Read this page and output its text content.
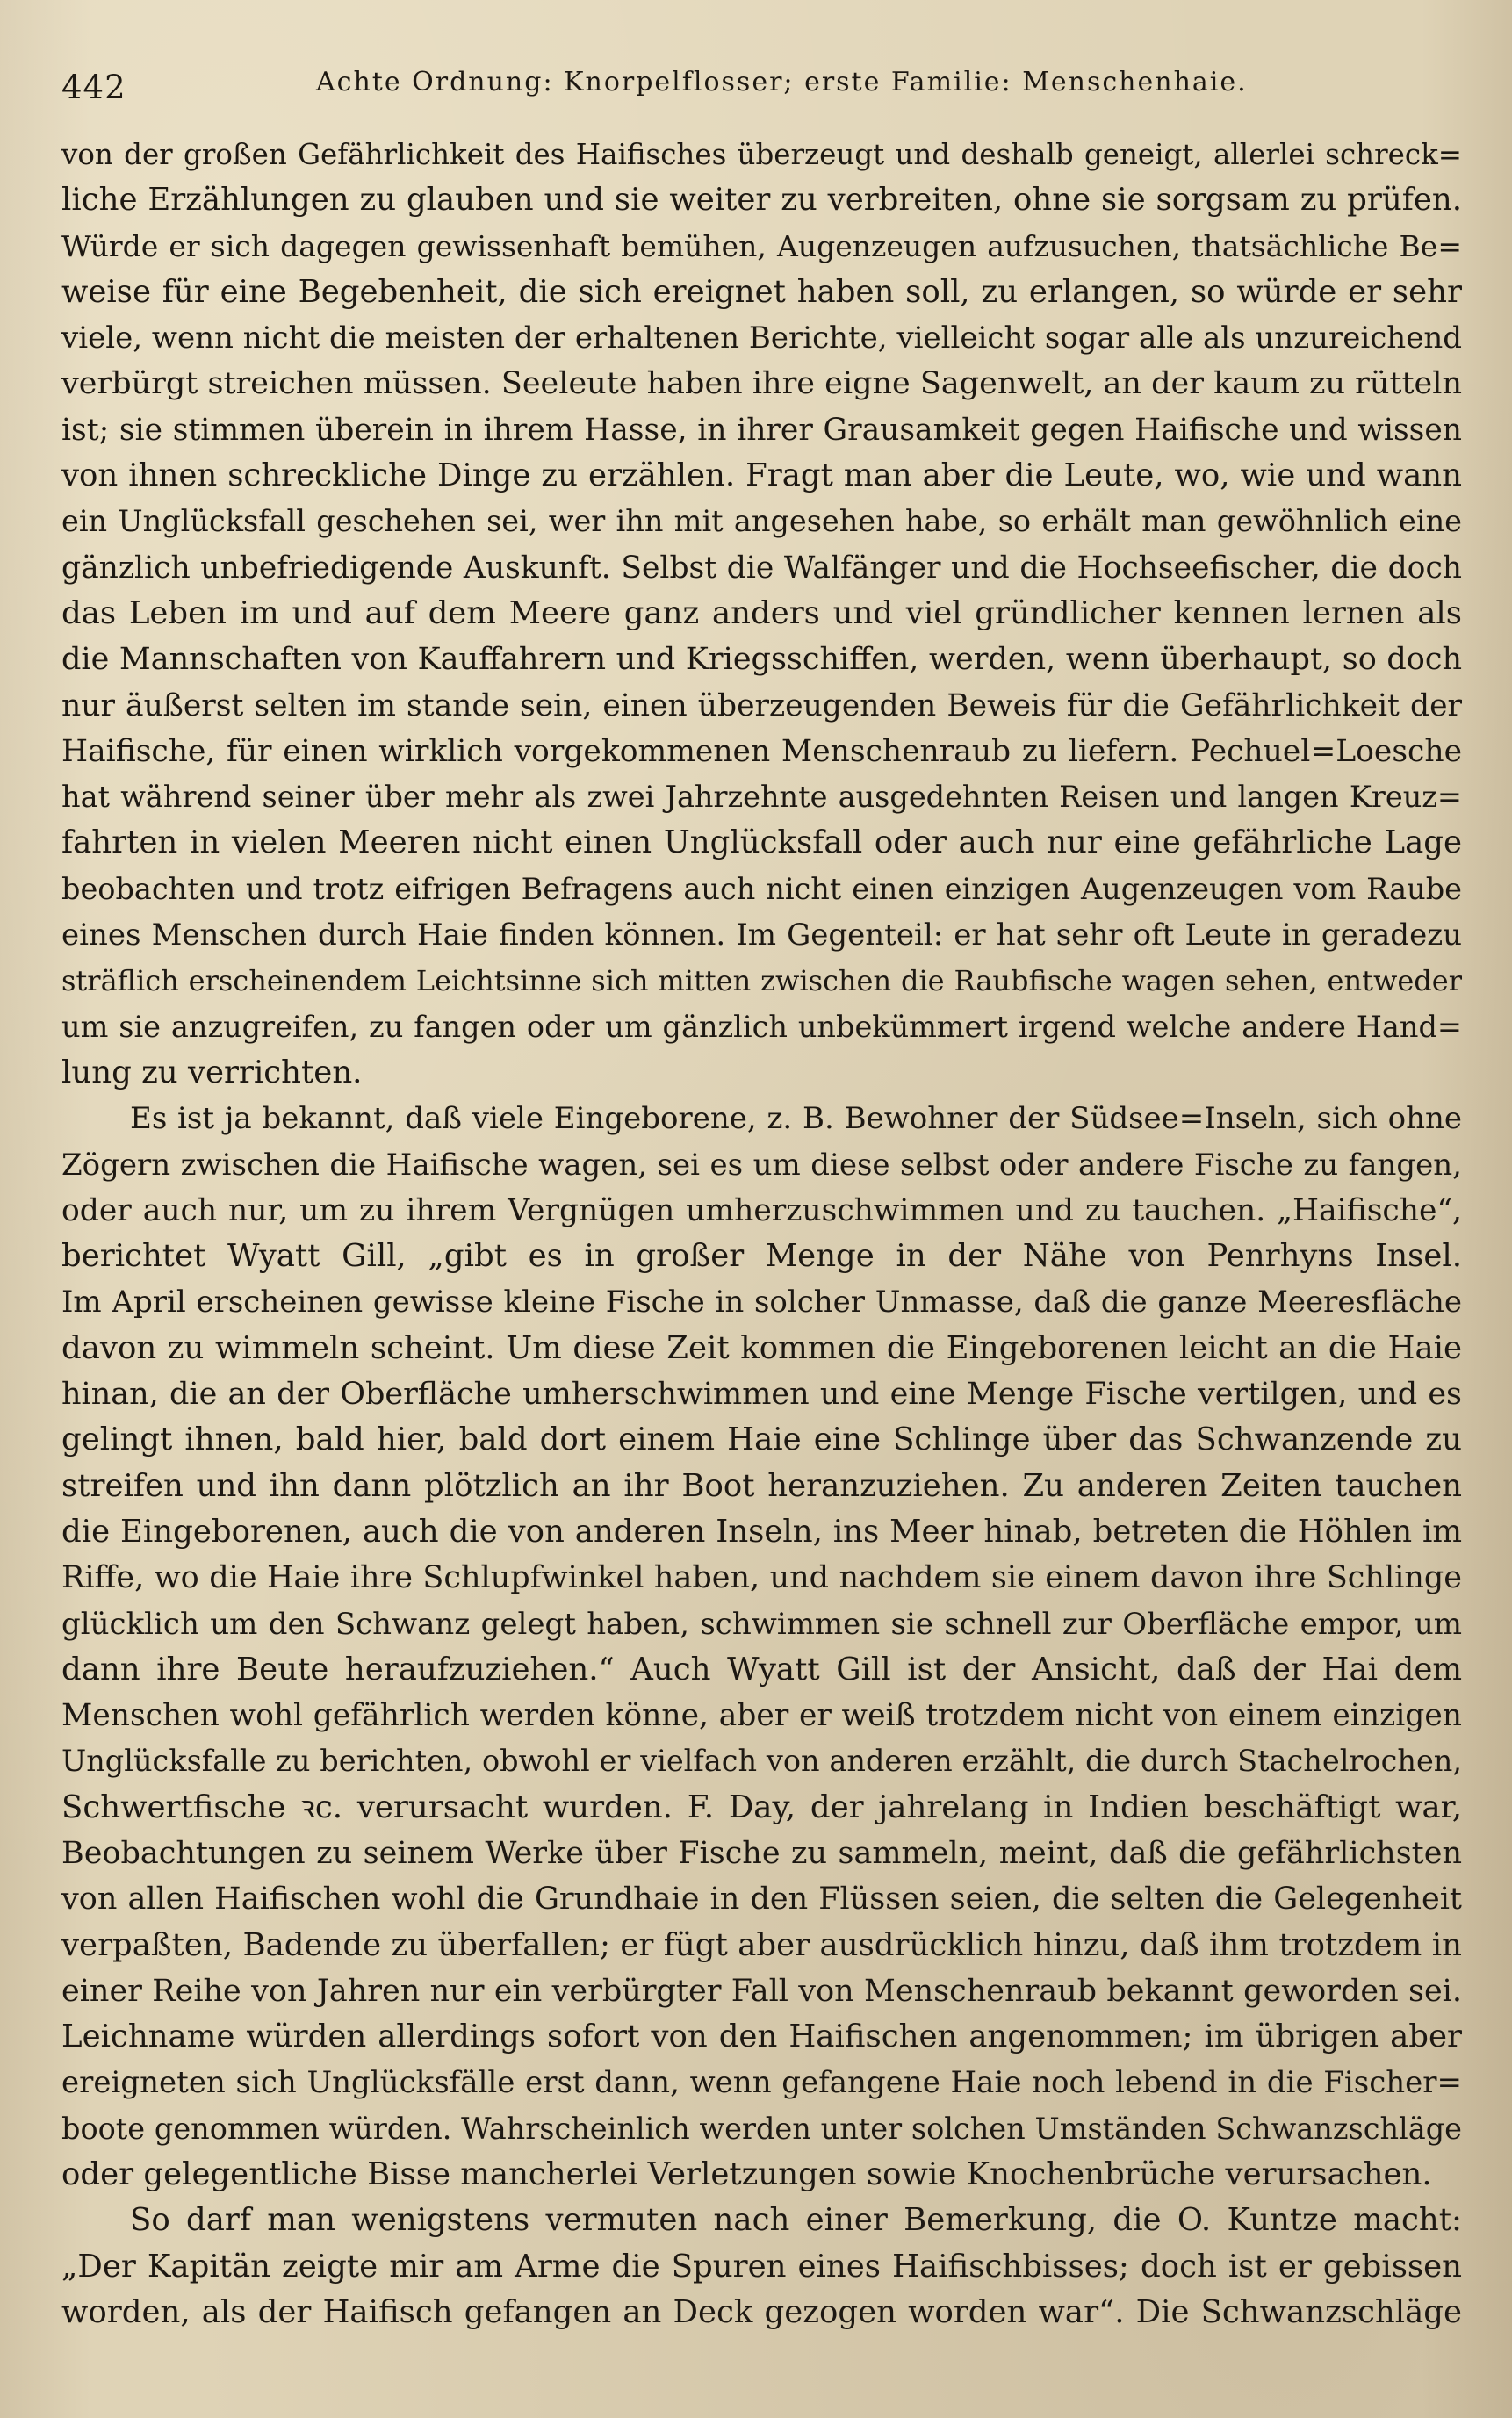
442	Achte Ordnung: Knorpelflosser; erste Familie: Menschenhaie.
von der großen Gefährlichkeit des Haifisches überzeugt und deshalb geneigt, allerlei schreck=
liche Erzählungen zu glauben und sie weiter zu verbreiten, ohne sie sorgsam zu prüfen.
Würde er sich dagegen gewissenhaft bemühen, Augenzeugen aufzusuchen, thatsächliche Be=
weise für eine Begebenheit, die sich ereignet haben soll, zu erlangen, so würde er sehr
viele, wenn nicht die meisten der erhaltenen Berichte, vielleicht sogar alle als unzureichend
verbürgt streichen müssen. Seeleute haben ihre eigne Sagenwelt, an der kaum zu rütteln
ist; sie stimmen überein in ihrem Hasse, in ihrer Grausamkeit gegen Haifische und wissen
von ihnen schreckliche Dinge zu erzählen. Fragt man aber die Leute, wo, wie und wann
ein Unglücksfall geschehen sei, wer ihn mit angesehen habe, so erhält man gewöhnlich eine
gänzlich unbefriedigende Auskunft. Selbst die Walfänger und die Hochseefischer, die doch
das Leben im und auf dem Meere ganz anders und viel gründlicher kennen lernen als
die Mannschaften von Kauffahrern und Kriegsschiffen, werden, wenn überhaupt, so doch
nur äußerst selten im stande sein, einen überzeugenden Beweis für die Gefährlichkeit der
Haifische, für einen wirklich vorgekommenen Menschenraub zu liefern. Pechuel=Loesche
hat während seiner über mehr als zwei Jahrzehnte ausgedehnten Reisen und langen Kreuz=
fahrten in vielen Meeren nicht einen Unglücksfall oder auch nur eine gefährliche Lage
beobachten und trotz eifrigen Befragens auch nicht einen einzigen Augenzeugen vom Raube
eines Menschen durch Haie finden können. Im Gegenteil: er hat sehr oft Leute in geradezu
sträflich erscheinendem Leichtsinne sich mitten zwischen die Raubfische wagen sehen, entweder
um sie anzugreifen, zu fangen oder um gänzlich unbekümmert irgend welche andere Hand=
lung zu verrichten.
Es ist ja bekannt, daß viele Eingeborene, z. B. Bewohner der Südsee=Inseln, sich ohne
Zögern zwischen die Haifische wagen, sei es um diese selbst oder andere Fische zu fangen,
oder auch nur, um zu ihrem Vergnügen umherzuschwimmen und zu tauchen. „Haifische“,
berichtet Wyatt Gill, „gibt es in großer Menge in der Nähe von Penrhyns Insel.
Im April erscheinen gewisse kleine Fische in solcher Unmasse, daß die ganze Meeresfläche
davon zu wimmeln scheint. Um diese Zeit kommen die Eingeborenen leicht an die Haie
hinan, die an der Oberfläche umherschwimmen und eine Menge Fische vertilgen, und es
gelingt ihnen, bald hier, bald dort einem Haie eine Schlinge über das Schwanzende zu
streifen und ihn dann plötzlich an ihr Boot heranzuziehen. Zu anderen Zeiten tauchen
die Eingeborenen, auch die von anderen Inseln, ins Meer hinab, betreten die Höhlen im
Riffe, wo die Haie ihre Schlupfwinkel haben, und nachdem sie einem davon ihre Schlinge
glücklich um den Schwanz gelegt haben, schwimmen sie schnell zur Oberfläche empor, um
dann ihre Beute heraufzuziehen.“ Auch Wyatt Gill ist der Ansicht, daß der Hai dem
Menschen wohl gefährlich werden könne, aber er weiß trotzdem nicht von einem einzigen
Unglücksfalle zu berichten, obwohl er vielfach von anderen erzählt, die durch Stachelrochen,
Schwertfische ꝛc. verursacht wurden. F. Day, der jahrelang in Indien beschäftigt war,
Beobachtungen zu seinem Werke über Fische zu sammeln, meint, daß die gefährlichsten
von allen Haifischen wohl die Grundhaie in den Flüssen seien, die selten die Gelegenheit
verpaßten, Badende zu überfallen; er fügt aber ausdrücklich hinzu, daß ihm trotzdem in
einer Reihe von Jahren nur ein verbürgter Fall von Menschenraub bekannt geworden sei.
Leichname würden allerdings sofort von den Haifischen angenommen; im übrigen aber
ereigneten sich Unglücksfälle erst dann, wenn gefangene Haie noch lebend in die Fischer=
boote genommen würden. Wahrscheinlich werden unter solchen Umständen Schwanzschläge
oder gelegentliche Bisse mancherlei Verletzungen sowie Knochenbrüche verursachen.
So darf man wenigstens vermuten nach einer Bemerkung, die O. Kuntze macht:
„Der Kapitän zeigte mir am Arme die Spuren eines Haifischbisses; doch ist er gebissen
worden, als der Haifisch gefangen an Deck gezogen worden war“. Die Schwanzschläge
